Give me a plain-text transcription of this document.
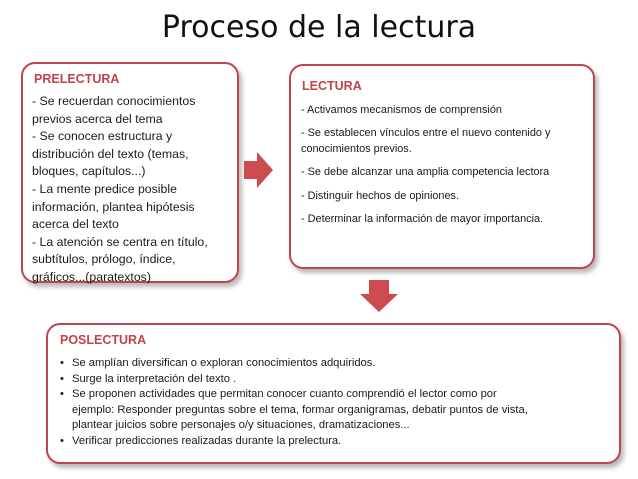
Proceso de la lectura
PRELECTURA
- Se recuerdan conocimientos
previos acerca del tema
- Se conocen estructura y
distribución del texto (temas,
bloques, capítulos...)
- La mente predice posible
información, plantea hipótesis
acerca del texto
- La atención se centra en título,
subtítulos, prólogo, índice,
gráficos...(paratextos)
LECTURA
- Activamos mecanismos de comprensión
- Se establecen vínculos entre el nuevo contenido y
conocimientos previos.
- Se debe alcanzar una amplia competencia lectora
- Distinguir hechos de opiniones.
- Determinar la información de mayor importancia.
POSLECTURA
• Se amplían diversifican o exploran conocimientos adquiridos.
• Surge la interpretación del texto .
• Se proponen actividades que permitan conocer cuanto comprendió el lector como por
ejemplo: Responder preguntas sobre el tema, formar organigramas, debatir puntos de vista,
plantear juicios sobre personajes o/y situaciones, dramatizaciones...
• Verificar predicciones realizadas durante la prelectura.
